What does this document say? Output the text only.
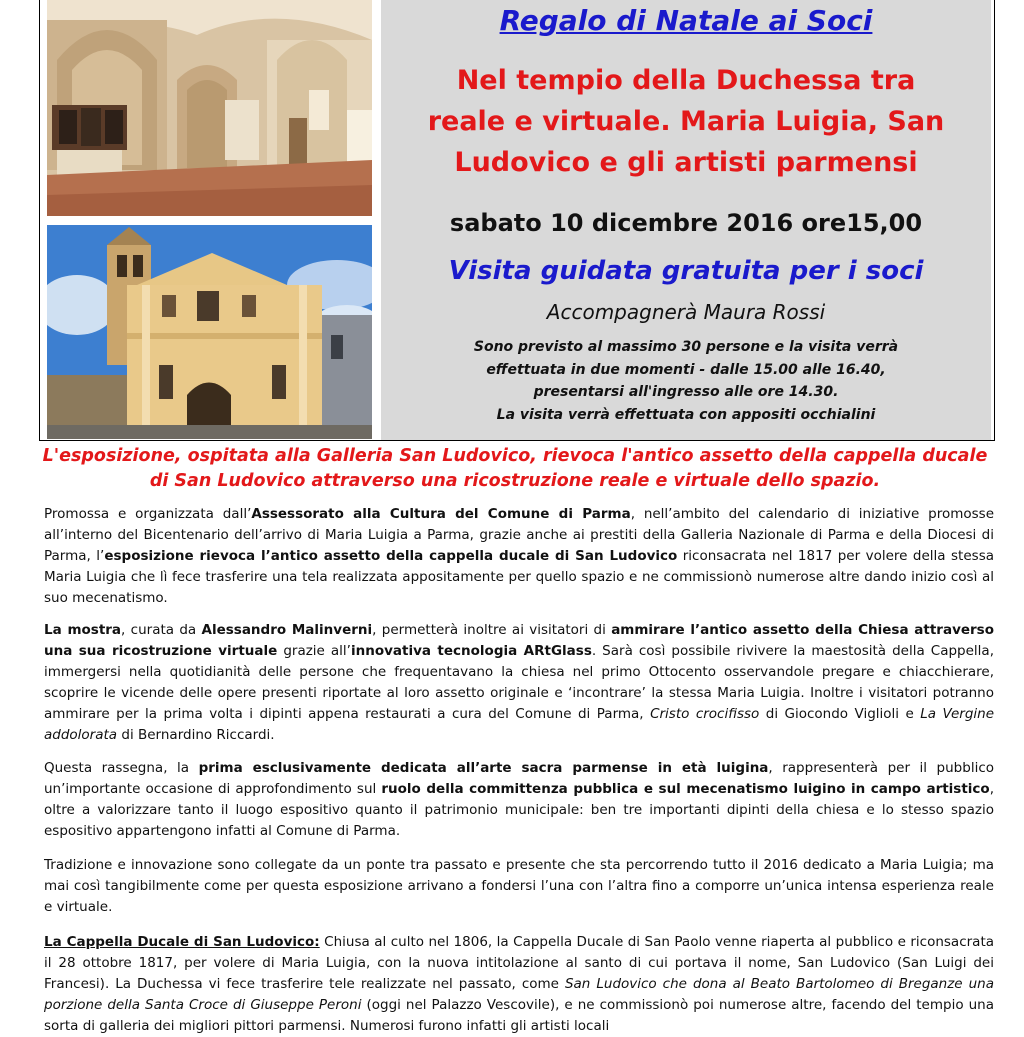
Regalo di Natale ai Soci
Nel tempio della Duchessa tra
reale e virtuale. Maria Luigia, San
Ludovico e gli artisti parmensi
sabato 10 dicembre 2016 ore15,00
Visita guidata gratuita per i soci
Accompagnerà Maura Rossi
Sono previsto al massimo 30 persone e la visita verrà
effettuata in due momenti - dalle 15.00 alle 16.40,
presentarsi all'ingresso alle ore 14.30.
La visita verrà effettuata con appositi occhialini
L'esposizione, ospitata alla Galleria San Ludovico, rievoca l'antico assetto della cappella ducale di San Ludovico attraverso una ricostruzione reale e virtuale dello spazio.
Promossa e organizzata dall’Assessorato alla Cultura del Comune di Parma, nell’ambito del calendario di iniziative promosse all’interno del Bicentenario dell’arrivo di Maria Luigia a Parma, grazie anche ai prestiti della Galleria Nazionale di Parma e della Diocesi di Parma, l’esposizione rievoca l’antico assetto della cappella ducale di San Ludovico riconsacrata nel 1817 per volere della stessa Maria Luigia che lì fece trasferire una tela realizzata appositamente per quello spazio e ne commissionò numerose altre dando inizio così al suo mecenatismo.
La mostra, curata da Alessandro Malinverni, permetterà inoltre ai visitatori di ammirare l’antico assetto della Chiesa attraverso una sua ricostruzione virtuale grazie all’innovativa tecnologia ARtGlass. Sarà così possibile rivivere la maestosità della Cappella, immergersi nella quotidianità delle persone che frequentavano la chiesa nel primo Ottocento osservandole pregare e chiacchierare, scoprire le vicende delle opere presenti riportate al loro assetto originale e ‘incontrare’ la stessa Maria Luigia. Inoltre i visitatori potranno ammirare per la prima volta i dipinti appena restaurati a cura del Comune di Parma, Cristo crocifisso di Giocondo Viglioli e La Vergine addolorata di Bernardino Riccardi.
Questa rassegna, la prima esclusivamente dedicata all’arte sacra parmense in età luigina, rappresenterà per il pubblico un’importante occasione di approfondimento sul ruolo della committenza pubblica e sul mecenatismo luigino in campo artistico, oltre a valorizzare tanto il luogo espositivo quanto il patrimonio municipale: ben tre importanti dipinti della chiesa e lo stesso spazio espositivo appartengono infatti al Comune di Parma.
Tradizione e innovazione sono collegate da un ponte tra passato e presente che sta percorrendo tutto il 2016 dedicato a Maria Luigia; ma mai così tangibilmente come per questa esposizione arrivano a fondersi l’una con l’altra fino a comporre un’unica intensa esperienza reale e virtuale.
La Cappella Ducale di San Ludovico: Chiusa al culto nel 1806, la Cappella Ducale di San Paolo venne riaperta al pubblico e riconsacrata il 28 ottobre 1817, per volere di Maria Luigia, con la nuova intitolazione al santo di cui portava il nome, San Ludovico (San Luigi dei Francesi). La Duchessa vi fece trasferire tele realizzate nel passato, come San Ludovico che dona al Beato Bartolomeo di Breganze una porzione della Santa Croce di Giuseppe Peroni (oggi nel Palazzo Vescovile), e ne commissionò poi numerose altre, facendo del tempio una sorta di galleria dei migliori pittori parmensi. Numerosi furono infatti gli artisti locali
